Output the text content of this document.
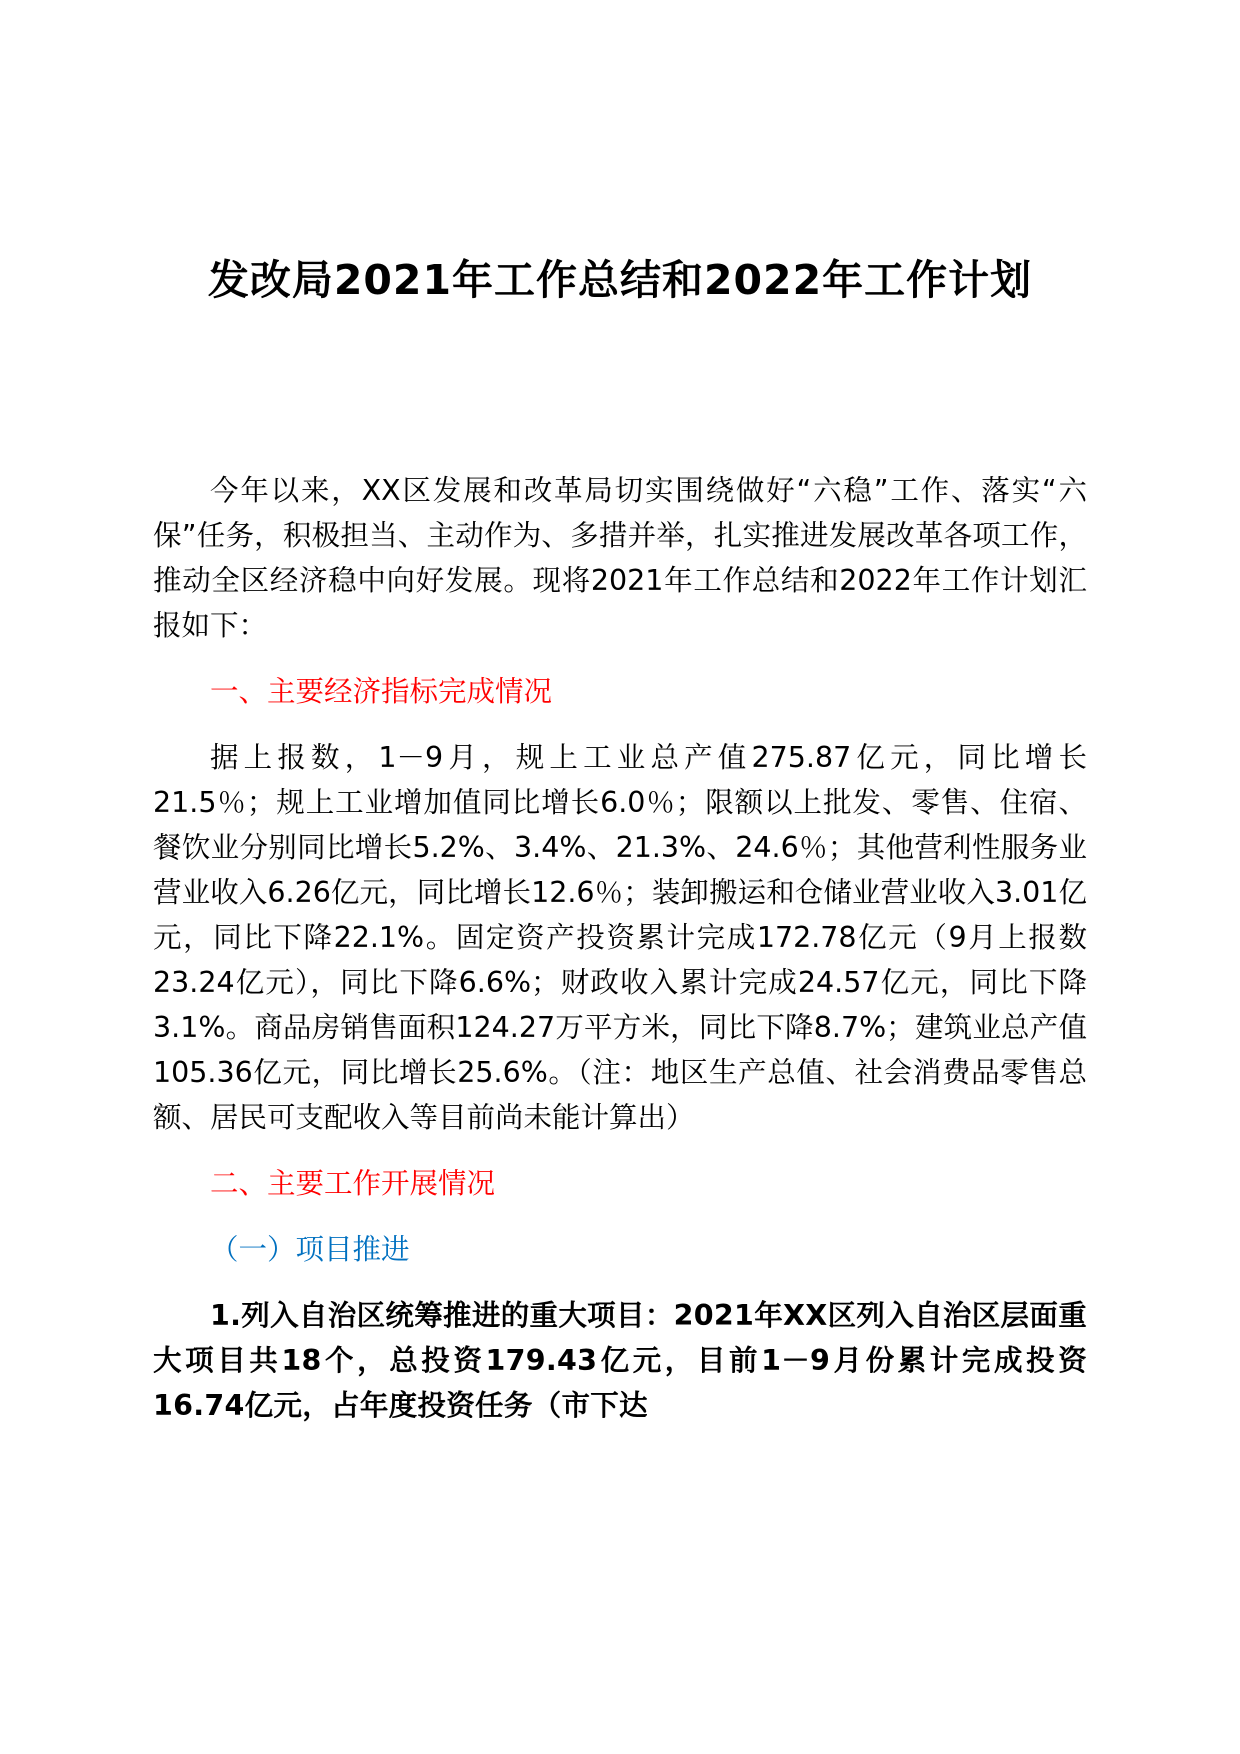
发改局2021年工作总结和2022年工作计划

今年以来，XX区发展和改革局切实围绕做好“六稳”工作、落实“六保”任务，积极担当、主动作为、多措并举，扎实推进发展改革各项工作，推动全区经济稳中向好发展。现将2021年工作总结和2022年工作计划汇报如下：

一、主要经济指标完成情况

据上报数，1－9月，规上工业总产值275.87亿元，同比增长21.5％；规上工业增加值同比增长6.0％；限额以上批发、零售、住宿、餐饮业分别同比增长5.2%、3.4%、21.3%、24.6％；其他营利性服务业营业收入6.26亿元，同比增长12.6％；装卸搬运和仓储业营业收入3.01亿元，同比下降22.1%。固定资产投资累计完成172.78亿元（9月上报数23.24亿元），同比下降6.6%；财政收入累计完成24.57亿元，同比下降3.1%。商品房销售面积124.27万平方米，同比下降8.7%；建筑业总产值105.36亿元，同比增长25.6%。（注：地区生产总值、社会消费品零售总额、居民可支配收入等目前尚未能计算出）

二、主要工作开展情况

（一）项目推进

1.列入自治区统筹推进的重大项目：2021年XX区列入自治区层面重大项目共18个，总投资179.43亿元，目前1－9月份累计完成投资16.74亿元，占年度投资任务（市下达
